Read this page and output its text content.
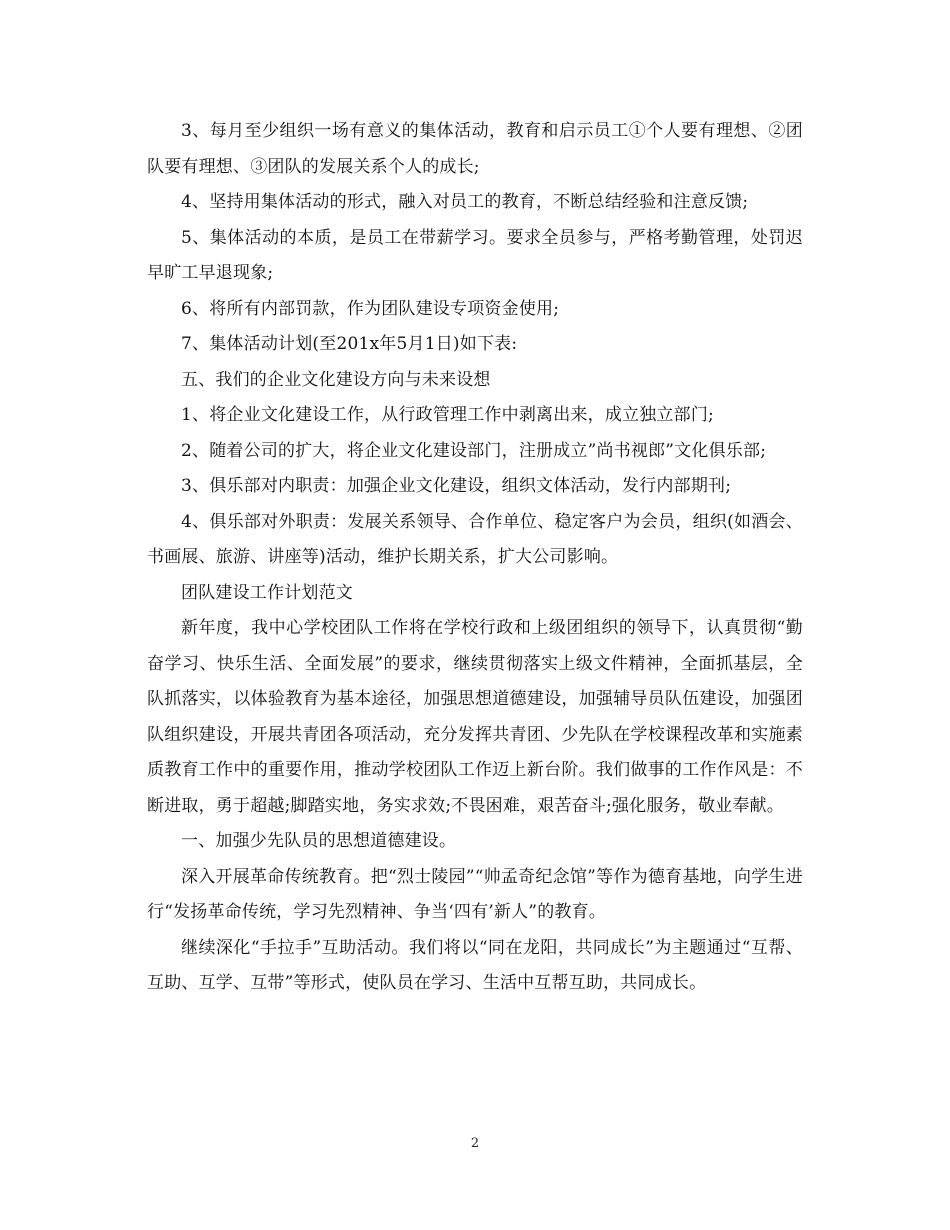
3、每月至少组织一场有意义的集体活动，教育和启示员工①个人要有理想、②团队要有理想、③团队的发展关系个人的成长;

4、坚持用集体活动的形式，融入对员工的教育，不断总结经验和注意反馈;

5、集体活动的本质，是员工在带薪学习。要求全员参与，严格考勤管理，处罚迟早旷工早退现象;

6、将所有内部罚款，作为团队建设专项资金使用;

7、集体活动计划(至201x年5月1日)如下表:

五、我们的企业文化建设方向与未来设想

1、将企业文化建设工作，从行政管理工作中剥离出来，成立独立部门;

2、随着公司的扩大，将企业文化建设部门，注册成立”尚书视郎”文化俱乐部;

3、俱乐部对内职责：加强企业文化建设，组织文体活动，发行内部期刊;

4、俱乐部对外职责：发展关系领导、合作单位、稳定客户为会员，组织(如酒会、书画展、旅游、讲座等)活动，维护长期关系，扩大公司影响。

团队建设工作计划范文

新年度，我中心学校团队工作将在学校行政和上级团组织的领导下，认真贯彻“勤奋学习、快乐生活、全面发展”的要求，继续贯彻落实上级文件精神，全面抓基层，全队抓落实，以体验教育为基本途径，加强思想道德建设，加强辅导员队伍建设，加强团队组织建设，开展共青团各项活动，充分发挥共青团、少先队在学校课程改革和实施素质教育工作中的重要作用，推动学校团队工作迈上新台阶。我们做事的工作作风是：不断进取，勇于超越;脚踏实地，务实求效;不畏困难，艰苦奋斗;强化服务，敬业奉献。

一、加强少先队员的思想道德建设。

深入开展革命传统教育。把“烈士陵园”“帅孟奇纪念馆”等作为德育基地，向学生进行“发扬革命传统，学习先烈精神、争当‘四有’新人”的教育。

继续深化“手拉手”互助活动。我们将以“同在龙阳，共同成长”为主题通过“互帮、互助、互学、互带”等形式，使队员在学习、生活中互帮互助，共同成长。

2
